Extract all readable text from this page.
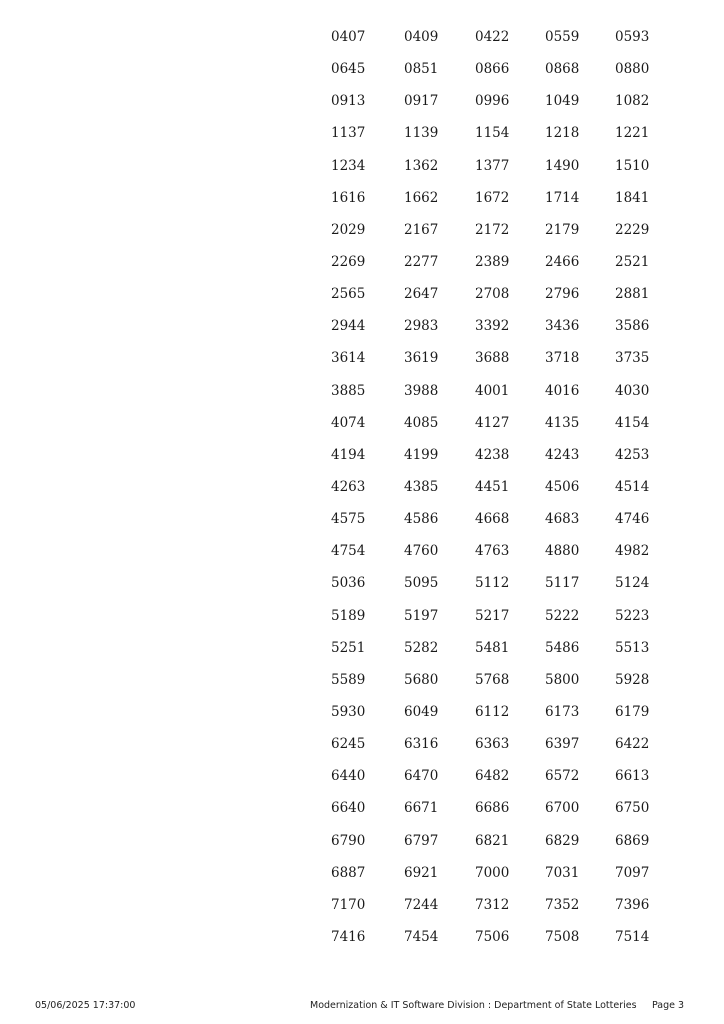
0407	0409	0422	0559	0593
0645	0851	0866	0868	0880
0913	0917	0996	1049	1082
1137	1139	1154	1218	1221
1234	1362	1377	1490	1510
1616	1662	1672	1714	1841
2029	2167	2172	2179	2229
2269	2277	2389	2466	2521
2565	2647	2708	2796	2881
2944	2983	3392	3436	3586
3614	3619	3688	3718	3735
3885	3988	4001	4016	4030
4074	4085	4127	4135	4154
4194	4199	4238	4243	4253
4263	4385	4451	4506	4514
4575	4586	4668	4683	4746
4754	4760	4763	4880	4982
5036	5095	5112	5117	5124
5189	5197	5217	5222	5223
5251	5282	5481	5486	5513
5589	5680	5768	5800	5928
5930	6049	6112	6173	6179
6245	6316	6363	6397	6422
6440	6470	6482	6572	6613
6640	6671	6686	6700	6750
6790	6797	6821	6829	6869
6887	6921	7000	7031	7097
7170	7244	7312	7352	7396
7416	7454	7506	7508	7514
05/06/2025 17:37:00	Modernization & IT Software Division : Department of State Lotteries Page 3
